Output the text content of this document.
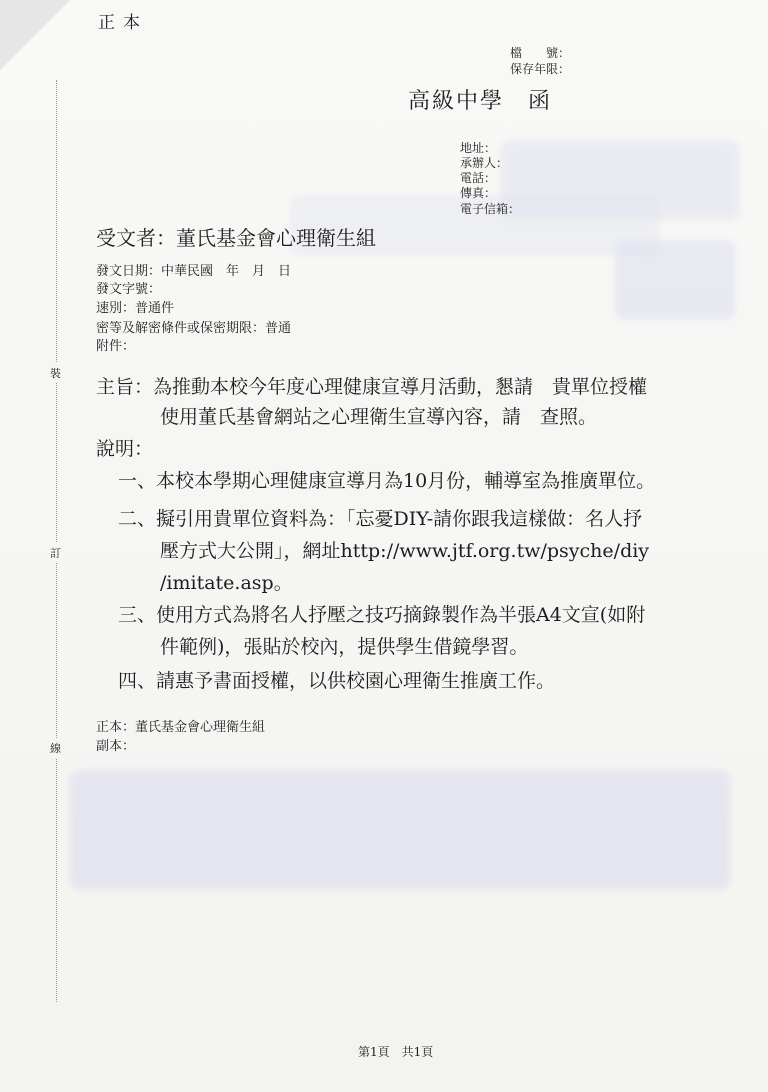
裝
訂
線
正本
檔　　號：
保存年限：
高級中學　函
地址：
承辦人：
電話：
傳真：
電子信箱：
受文者：董氏基金會心理衛生組
發文日期：中華民國　年　月　日
發文字號：
速別：普通件
密等及解密條件或保密期限：普通
附件：
主旨：為推動本校今年度心理健康宣導月活動，懇請　貴單位授權
使用董氏基會網站之心理衛生宣導內容，請　查照。
說明：
一、本校本學期心理健康宣導月為10月份，輔導室為推廣單位。
二、擬引用貴單位資料為：「忘憂DIY-請你跟我這樣做：名人抒
壓方式大公開」，網址http://www.jtf.org.tw/psyche/diy
/imitate.asp。
三、使用方式為將名人抒壓之技巧摘錄製作為半張A4文宣(如附
件範例)，張貼於校內，提供學生借鏡學習。
四、請惠予書面授權，以供校園心理衛生推廣工作。
正本：董氏基金會心理衛生組
副本：
第1頁　共1頁
